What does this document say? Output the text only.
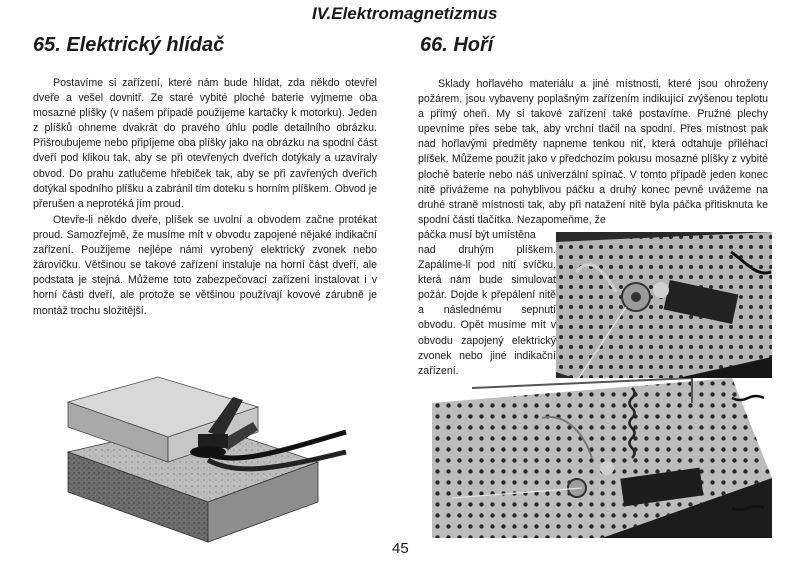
IV.Elektromagnetizmus
65. Elektrický hlídač

Postavíme si zařízení, které nám bude hlídat, zda někdo otevřel dveře a vešel dovnitř. Ze staré vybité ploché baterie vyjmeme oba mosazné plíšky (v našem případě použijeme kartačky k motorku). Jeden z plíšků ohneme dvakrát do pravého úhlu podle detailního obrázku. Přišroubujeme nebo připíjeme oba plíšky jako na obrázku na spodní část dveří pod klikou tak, aby se při otevřených dveřích dotýkaly a uzavíraly obvod. Do prahu zatlučeme hřebíček tak, aby se při zavřených dveřích dotýkal spodního plíšku a zabránil tím doteku s horním plíškem. Obvod je přerušen a neprotéká jím proud.

Otevře-li někdo dveře, plíšek se uvolní a obvodem začne protékat proud. Samozřejmě, že musíme mít v obvodu zapojené nějaké indikační zařízení. Použijeme nejlépe námi vyrobený elektrický zvonek nebo žárovičku. Většinou se takové zařízení instaluje na horní část dveří, ale podstata je stejná. Můžeme toto zabezpečovací zařízení instalovat i v horní části dveří, ale protože se většinou používají kovové zárubně je montáž trochu složitější.

66. Hoří

Sklady hořlavého materiálu a jiné místnosti, které jsou ohroženy požárem, jsou vybaveny poplašným zařízením indikující zvýšenou teplotu a přímý oheň. My si takové zařízení také postavíme. Pružné plechy upevníme přes sebe tak, aby vrchní tlačil na spodní. Přes místnost pak nad hořlavými předměty napneme tenkou niť, která odtahuje přiléhací plíšek. Můžeme použít jako v předchozím pokusu mosazné plíšky z vybité ploché baterie nebo náš univerzální spínač. V tomto případě jeden konec nitě přivážeme na pohyblivou páčku a druhý konec pevně uvážeme na druhé straně místnosti tak, aby při natažení nitě byla páčka přitisknuta ke spodní části tlačítka. Nezapomeňme, že

páčka musí být umístěna

nad druhým plíškem. Zapálíme-li pod nití svíčku, která nám bude simulovat požár. Dojde k přepálení nitě a následnému sepnutí obvodu. Opět musíme mít v obvodu zapojený elektrický zvonek nebo jiné indikační zařízení.

45
